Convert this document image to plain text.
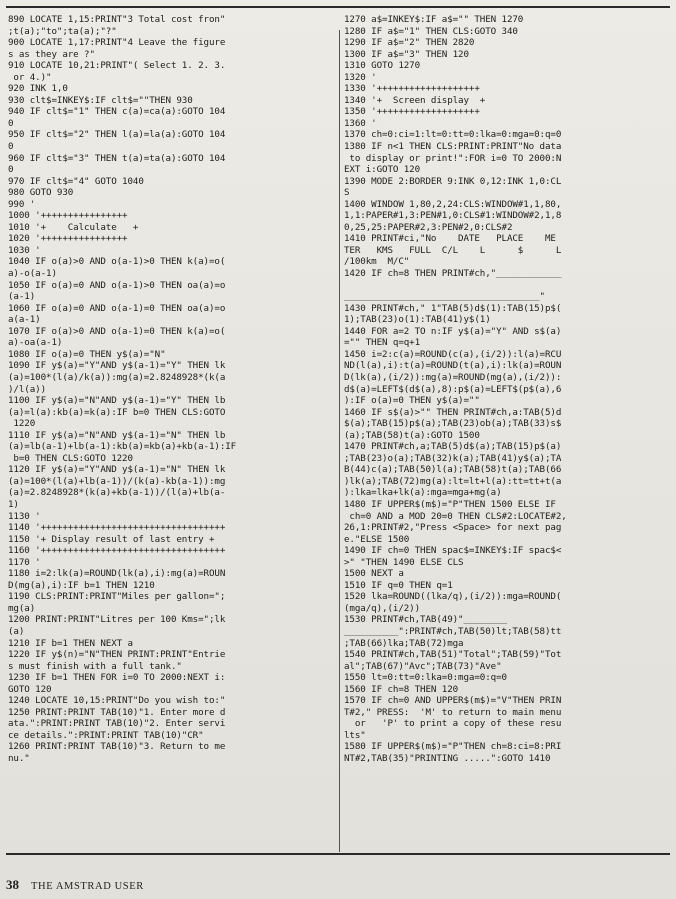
890 LOCATE 1,15:PRINT"3 Total cost fron"
;t(a);"to";ta(a);"?"
900 LOCATE 1,17:PRINT"4 Leave the figure
s as they are ?"
910 LOCATE 10,21:PRINT"( Select 1. 2. 3.
or 4.)"
920 INK 1,0
930 clt$=INKEY$:IF clt$=""THEN 930
940 IF clt$="1" THEN c(a)=ca(a):GOTO 104
0
950 IF clt$="2" THEN l(a)=la(a):GOTO 104
0
960 IF clt$="3" THEN t(a)=ta(a):GOTO 104
0
970 IF clt$="4" GOTO 1040
980 GOTO 930
990 '
1000 '++++++++++++++++
1010 '+    Calculate   +
1020 '++++++++++++++++
1030 '
1040 IF o(a)>0 AND o(a-1)>0 THEN k(a)=o(
a)-o(a-1)
1050 IF o(a)=0 AND o(a-1)>0 THEN oa(a)=o
(a-1)
1060 IF o(a)=0 AND o(a-1)=0 THEN oa(a)=o
a(a-1)
1070 IF o(a)>0 AND o(a-1)=0 THEN k(a)=o(
a)-oa(a-1)
1080 IF o(a)=0 THEN y$(a)="N"
1090 IF y$(a)="Y"AND y$(a-1)="Y" THEN lk
(a)=100*(l(a)/k(a)):mg(a)=2.8248928*(k(a
)/l(a))
1100 IF y$(a)="N"AND y$(a-1)="Y" THEN lb
(a)=l(a):kb(a)=k(a):IF b=0 THEN CLS:GOTO
1220
1110 IF y$(a)="N"AND y$(a-1)="N" THEN lb
(a)=lb(a-1)+lb(a-1):kb(a)=kb(a)+kb(a-1):IF
b=0 THEN CLS:GOTO 1220
1120 IF y$(a)="Y"AND y$(a-1)="N" THEN lk
(a)=100*(l(a)+lb(a-1))/(k(a)-kb(a-1)):mg
(a)=2.8248928*(k(a)+kb(a-1))/(l(a)+lb(a-
1)
1130 '
1140 '++++++++++++++++++++++++++++++++++
1150 '+ Display result of last entry +
1160 '++++++++++++++++++++++++++++++++++
1170 '
1180 i=2:lk(a)=ROUND(lk(a),i):mg(a)=ROUN
D(mg(a),i):IF b=1 THEN 1210
1190 CLS:PRINT:PRINT"Miles per gallon=";
mg(a)
1200 PRINT:PRINT"Litres per 100 Kms=";lk
(a)
1210 IF b=1 THEN NEXT a
1220 IF y$(n)="N"THEN PRINT:PRINT"Entrie
s must finish with a full tank."
1230 IF b=1 THEN FOR i=0 TO 2000:NEXT i:
GOTO 120
1240 LOCATE 10,15:PRINT"Do you wish to:"
1250 PRINT:PRINT TAB(10)"1. Enter more d
ata.":PRINT:PRINT TAB(10)"2. Enter servi
ce details.":PRINT:PRINT TAB(10)"CR"
1260 PRINT:PRINT TAB(10)"3. Return to me
nu."
1270 a$=INKEY$:IF a$="" THEN 1270
1280 IF a$="1" THEN CLS:GOTO 340
1290 IF a$="2" THEN 2820
1300 IF a$="3" THEN 120
1310 GOTO 1270
1320 '
1330 '+++++++++++++++++++
1340 '+  Screen display  +
1350 '+++++++++++++++++++
1360 '
1370 ch=0:ci=1:lt=0:tt=0:lka=0:mga=0:q=0
1380 IF n<1 THEN CLS:PRINT:PRINT"No data
to display or print!":FOR i=0 TO 2000:N
EXT i:GOTO 120
1390 MODE 2:BORDER 9:INK 0,12:INK 1,0:CL
S
1400 WINDOW 1,80,2,24:CLS:WINDOW#1,1,80,
1,1:PAPER#1,3:PEN#1,0:CLS#1:WINDOW#2,1,8
0,25,25:PAPER#2,3:PEN#2,0:CLS#2
1410 PRINT#ci,"No    DATE   PLACE    ME
TER   KMS   FULL  C/L    L      $      L
/100km  M/C"
1420 IF ch=8 THEN PRINT#ch,"____________
____________________________________"
1430 PRINT#ch," 1"TAB(5)d$(1):TAB(15)p$(
1);TAB(23)o(1):TAB(41)y$(1)
1440 FOR a=2 TO n:IF y$(a)="Y" AND s$(a)
="" THEN q=q+1
1450 i=2:c(a)=ROUND(c(a),(i/2)):l(a)=RCU
ND(l(a),i):t(a)=ROUND(t(a),i):lk(a)=ROUN
D(lk(a),(i/2)):mg(a)=ROUND(mg(a),(i/2)):
d$(a)=LEFT$(d$(a),8):p$(a)=LEFT$(p$(a),6
):IF o(a)=0 THEN y$(a)=""
1460 IF s$(a)>"" THEN PRINT#ch,a:TAB(5)d
$(a);TAB(15)p$(a);TAB(23)ob(a);TAB(33)s$
(a);TAB(58)t(a):GOTO 1500
1470 PRINT#ch,a;TAB(5)d$(a);TAB(15)p$(a)
;TAB(23)o(a);TAB(32)k(a);TAB(41)y$(a);TA
B(44)c(a);TAB(50)l(a);TAB(58)t(a);TAB(66
)lk(a);TAB(72)mg(a):lt=lt+l(a):tt=tt+t(a
):lka=lka+lk(a):mga=mga+mg(a)
1480 IF UPPER$(m$)="P"THEN 1500 ELSE IF
ch=0 AND a MOD 20=0 THEN CLS#2:LOCATE#2,
26,1:PRINT#2,"Press <Space> for next pag
e."ELSE 1500
1490 IF ch=0 THEN spac$=INKEY$:IF spac$<
>" "THEN 1490 ELSE CLS
1500 NEXT a
1510 IF q=0 THEN q=1
1520 lka=ROUND((lka/q),(i/2)):mga=ROUND(
(mga/q),(i/2))
1530 PRINT#ch,TAB(49)"________
__________":PRINT#ch,TAB(50)lt;TAB(58)tt
;TAB(66)lka;TAB(72)mga
1540 PRINT#ch,TAB(51)"Total";TAB(59)"Tot
al";TAB(67)"Avc";TAB(73)"Ave"
1550 lt=0:tt=0:lka=0:mga=0:q=0
1560 IF ch=8 THEN 120
1570 IF ch=0 AND UPPER$(m$)="V"THEN PRIN
T#2," PRESS:  'M' to return to main menu
or   'P' to print a copy of these resu
lts"
1580 IF UPPER$(m$)="P"THEN ch=8:ci=8:PRI
NT#2,TAB(35)"PRINTING .....":GOTO 1410
38 THE AMSTRAD USER
